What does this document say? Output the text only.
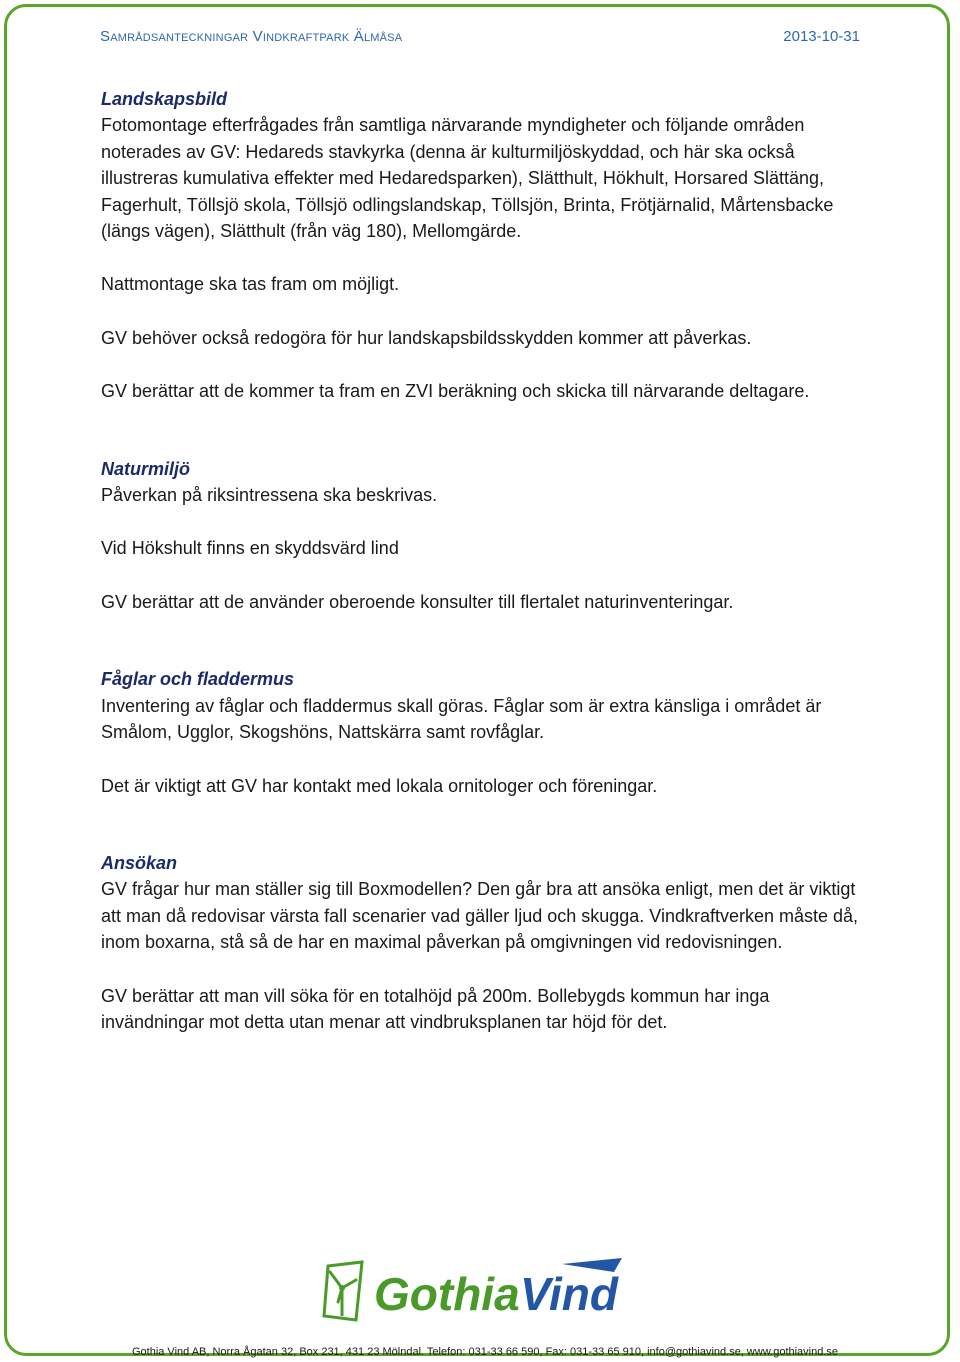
Samrådsanteckningar Vindkraftpark Älmåsa	2013-10-31
Landskapsbild

Fotomontage efterfrågades från samtliga närvarande myndigheter och följande områden noterades av GV: Hedareds stavkyrka (denna är kulturmiljöskyddad, och här ska också illustreras kumulativa effekter med Hedaredsparken), Slätthult, Hökhult, Horsared Slättäng, Fagerhult, Töllsjö skola, Töllsjö odlingslandskap, Töllsjön, Brinta, Frötjärnalid, Mårtensbacke (längs vägen), Slätthult (från väg 180), Mellomgärde.

Nattmontage ska tas fram om möjligt.

GV behöver också redogöra för hur landskapsbildsskydden kommer att påverkas.

GV berättar att de kommer ta fram en ZVI beräkning och skicka till närvarande deltagare.

Naturmiljö

Påverkan på riksintressena ska beskrivas.

Vid Hökshult finns en skyddsvärd lind

GV berättar att de använder oberoende konsulter till flertalet naturinventeringar.

Fåglar och fladdermus

Inventering av fåglar och fladdermus skall göras. Fåglar som är extra känsliga i området är Smålom, Ugglor, Skogshöns, Nattskärra samt rovfåglar.

Det är viktigt att GV har kontakt med lokala ornitologer och föreningar.

Ansökan

GV frågar hur man ställer sig till Boxmodellen? Den går bra att ansöka enligt, men det är viktigt att man då redovisar värsta fall scenarier vad gäller ljud och skugga. Vindkraftverken måste då, inom boxarna, stå så de har en maximal påverkan på omgivningen vid redovisningen.

GV berättar att man vill söka för en totalhöjd på 200m. Bollebygds kommun har inga invändningar mot detta utan menar att vindbruksplanen tar höjd för det.

Gothia Vind
Gothia Vind AB, Norra Ågatan 32, Box 231, 431 23 Mölndal. Telefon: 031-33 66 590, Fax: 031-33 65 910, info@gothiavind.se, www.gothiavind.se
